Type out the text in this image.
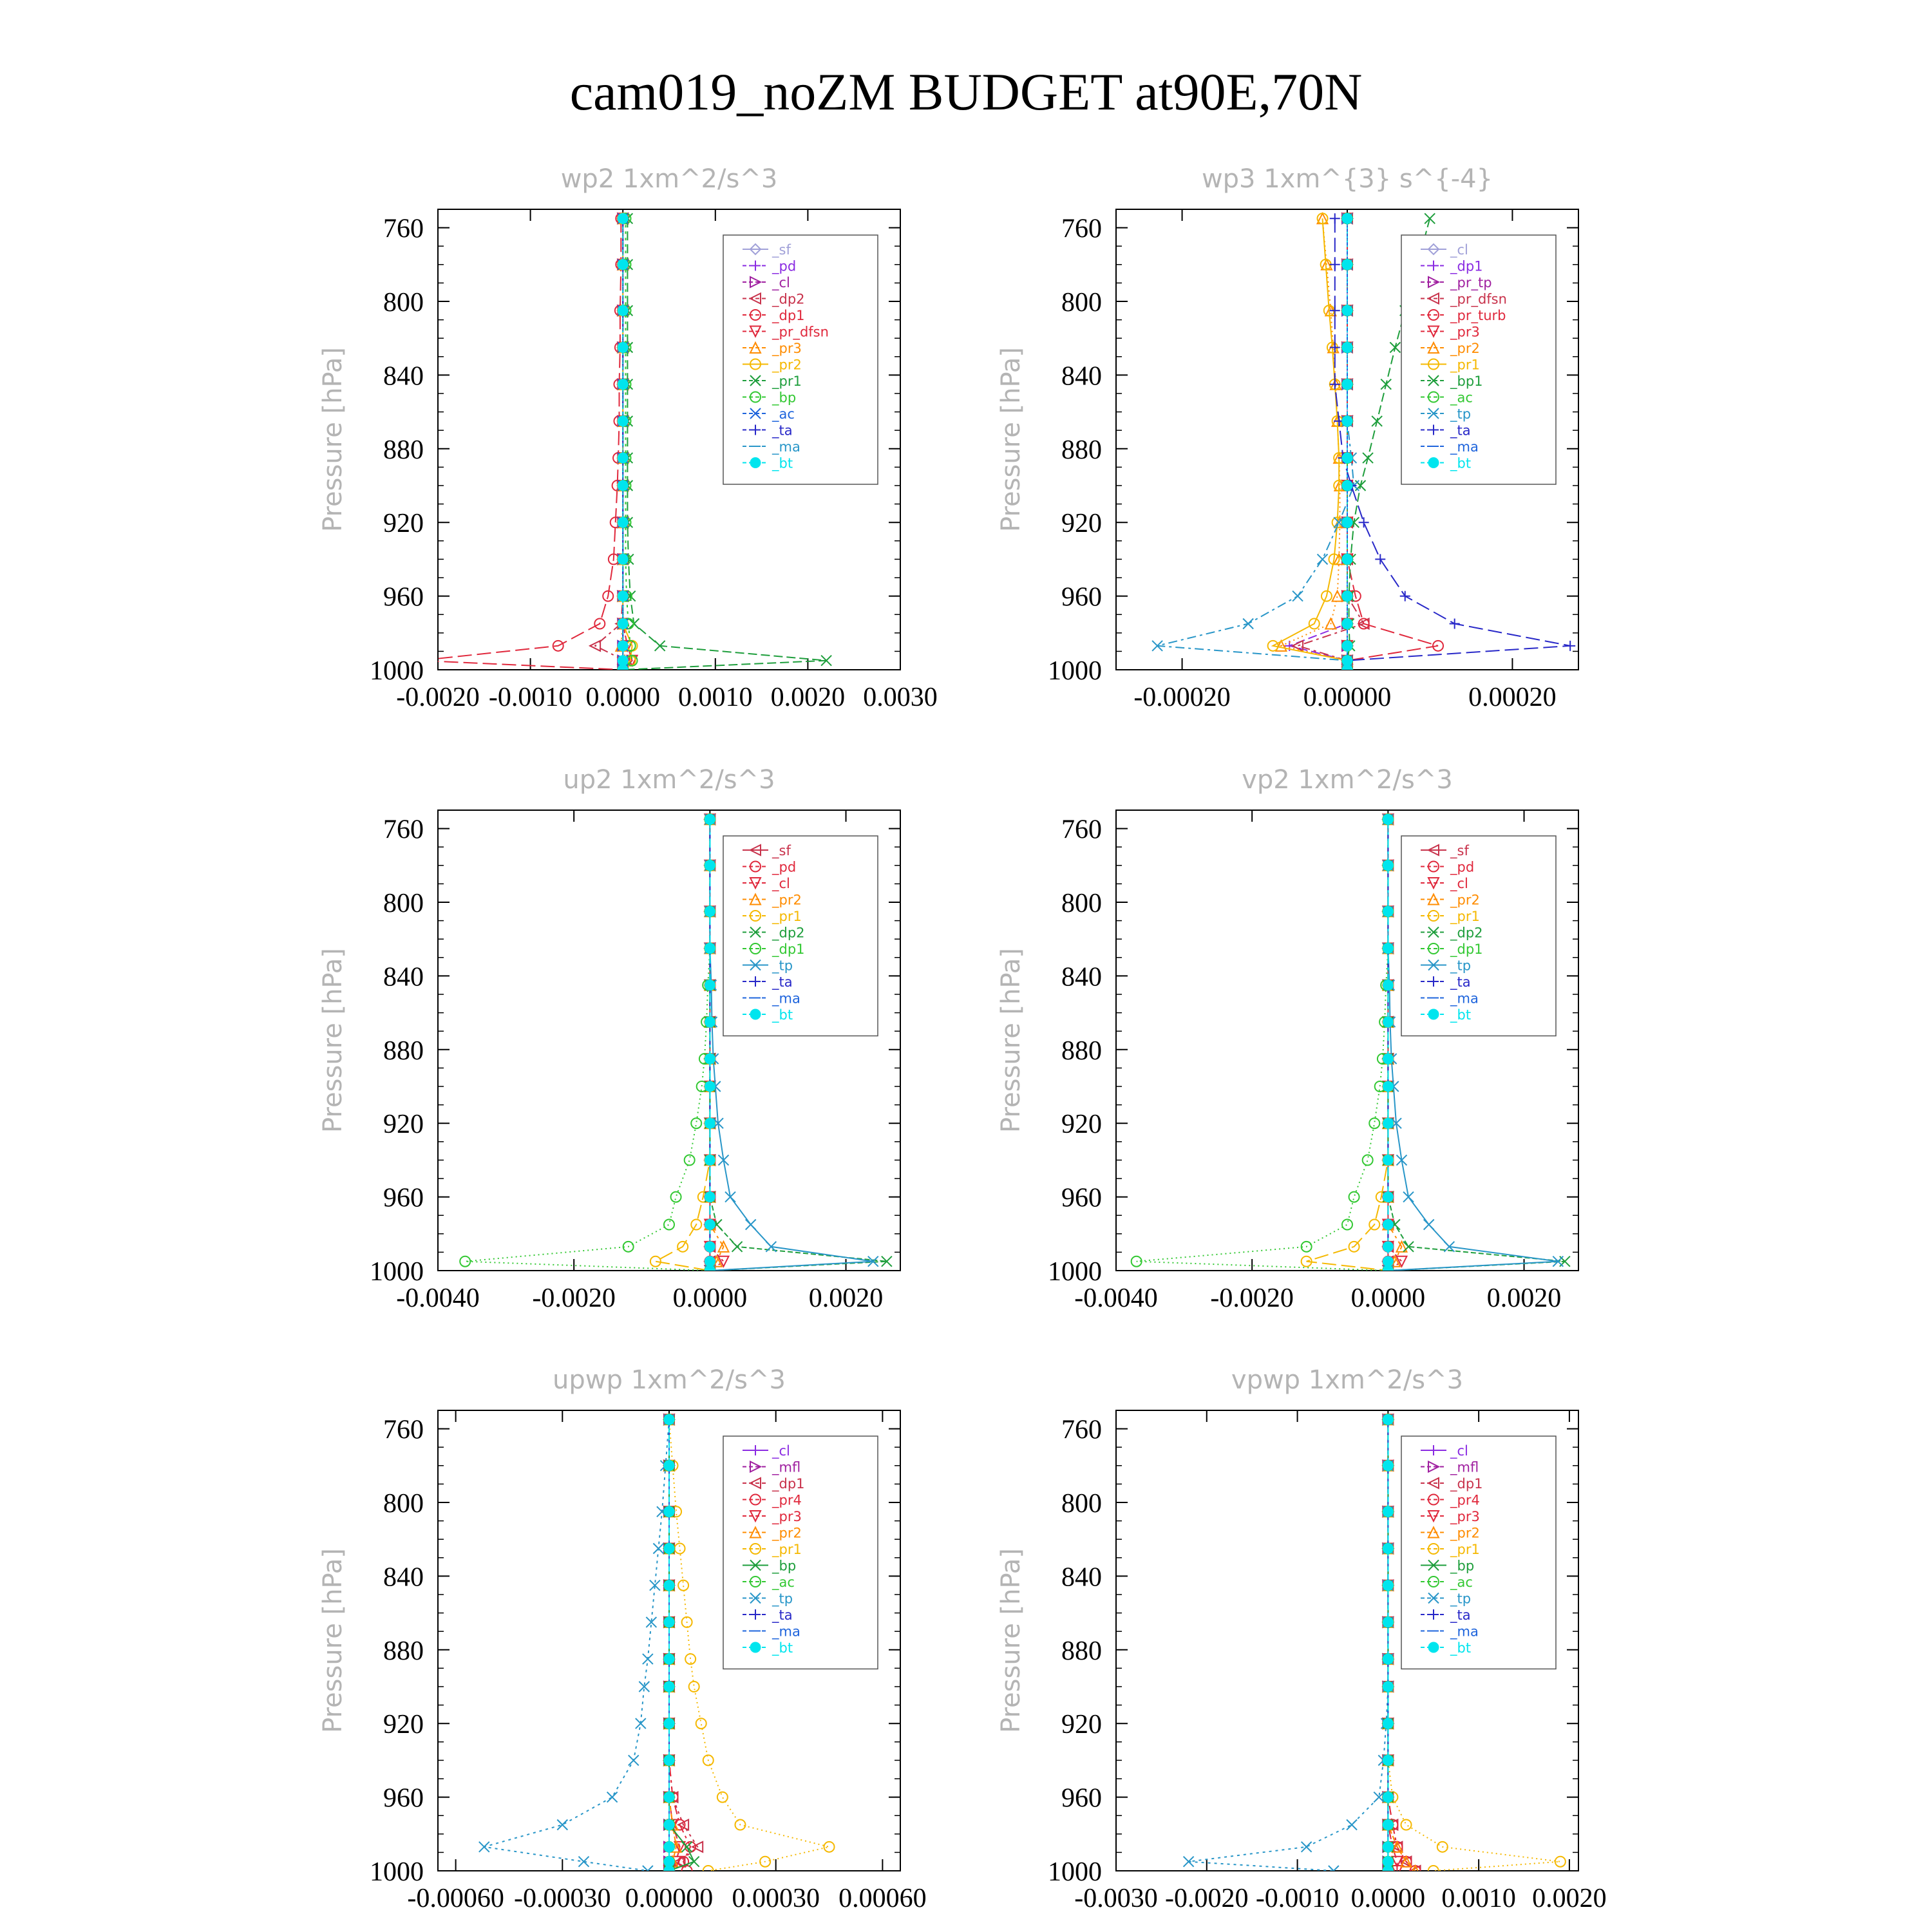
cam019_noZM BUDGET at90E,70N
wp2 1xm^2/s^3
Pressure [hPa]
760
800
840
880
920
960
1000
-0.0020 -0.0010 0.0000 0.0010 0.0020 0.0030
_sf
_pd
_cl
_dp2
_dp1
_pr_dfsn
_pr3
_pr2
_pr1
_bp
_ac
_ta
_ma
_bt
wp3 1xm^{3} s^{-4}
Pressure [hPa]
760
800
840
880
920
960
1000
-0.00020	0.00000	0.00020
_cl
_dp1
_pr_tp
_pr_dfsn
_pr_turb
_pr3
_pr2
_pr1
_bp1
_ac
_tp
_ta
_ma
_bt
up2 1xm^2/s^3
Pressure [hPa]
760
800
840
880
920
960
1000
-0.0040 -0.0020 0.0000 0.0020
_sf
_pd
_cl
_pr2
_pr1
_dp2
_dp1
_tp
_ta
_ma
_bt
vp2 1xm^2/s^3
Pressure [hPa]
760
800
840
880
920
960
1000
-0.0040 -0.0020 0.0000 0.0020
_sf
_pd
_cl
_pr2
_pr1
_dp2
_dp1
_tp
_ta
_ma
_bt
upwp 1xm^2/s^3
Pressure [hPa]
760
800
840
880
920
960
1000
-0.00060 -0.00030 0.00000 0.00030 0.00060
_cl
_mfl
_dp1
_pr4
_pr3
_pr2
_pr1
_bp
_ac
_tp
_ta
_ma
_bt
vpwp 1xm^2/s^3
Pressure [hPa]
760
800
840
880
920
960
1000
-0.0030 -0.0020 -0.0010 0.0000 0.0010 0.0020
_cl
_mfl
_dp1
_pr4
_pr3
_pr2
_pr1
_bp
_ac
_tp
_ta
_ma
_bt
